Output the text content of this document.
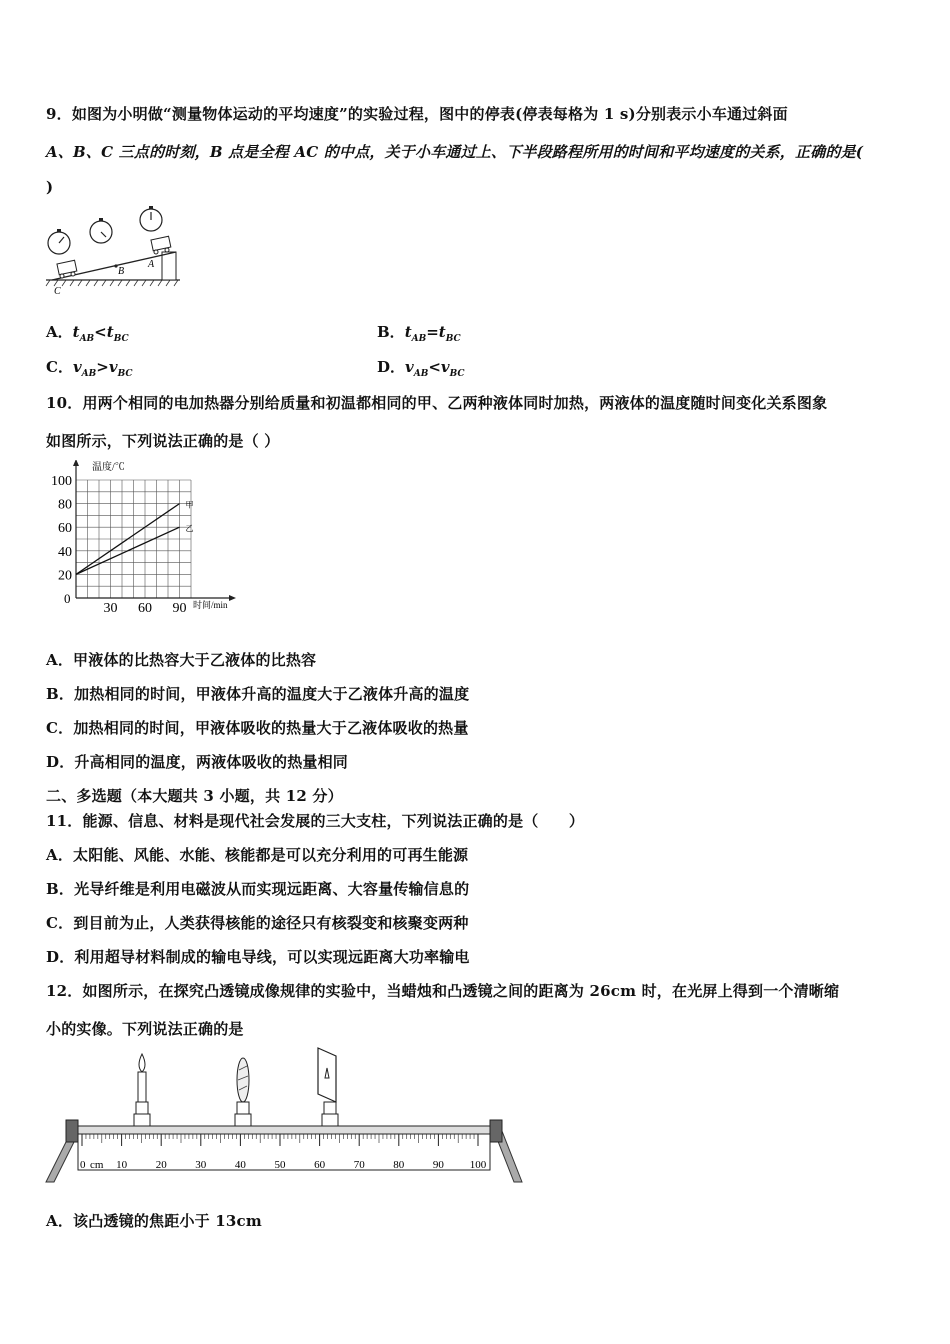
9．如图为小明做“测量物体运动的平均速度”的实验过程，图中的停表(停表每格为 1 s)分别表示小车通过斜面
A、B、C 三点的时刻，B 点是全程 AC 的中点，关于小车通过上、下半段路程所用的时间和平均速度的关系，正确的是(
)
A
B
C
A．$t_{AB}<t_{BC}$	B．$t_{AB}=t_{BC}$
C．$v_{AB}>v_{BC}$	D．$v_{AB}<v_{BC}$
10．用两个相同的电加热器分别给质量和初温都相同的甲、乙两种液体同时加热，两液体的温度随时间变化关系图象
如图所示，下列说法正确的是（ ）
甲
乙
100
80
60
40
20
30 60 90
温度/℃
时间/min
0
A．甲液体的比热容大于乙液体的比热容
B．加热相同的时间，甲液体升高的温度大于乙液体升高的温度
C．加热相同的时间，甲液体吸收的热量大于乙液体吸收的热量
D．升高相同的温度，两液体吸收的热量相同
二、多选题（本大题共 3 小题，共 12 分）
11．能源、信息、材料是现代社会发展的三大支柱，下列说法正确的是（　　）
A．太阳能、风能、水能、核能都是可以充分利用的可再生能源
B．光导纤维是利用电磁波从而实现远距离、大容量传输信息的
C．到目前为止，人类获得核能的途径只有核裂变和核聚变两种
D．利用超导材料制成的输电导线，可以实现远距离大功率输电
12．如图所示，在探究凸透镜成像规律的实验中，当蜡烛和凸透镜之间的距离为 26cm 时，在光屏上得到一个清晰缩
小的实像。下列说法正确的是
10	20	30	40	50	60	70	80	90 100
0 cm
A．该凸透镜的焦距小于 13cm
